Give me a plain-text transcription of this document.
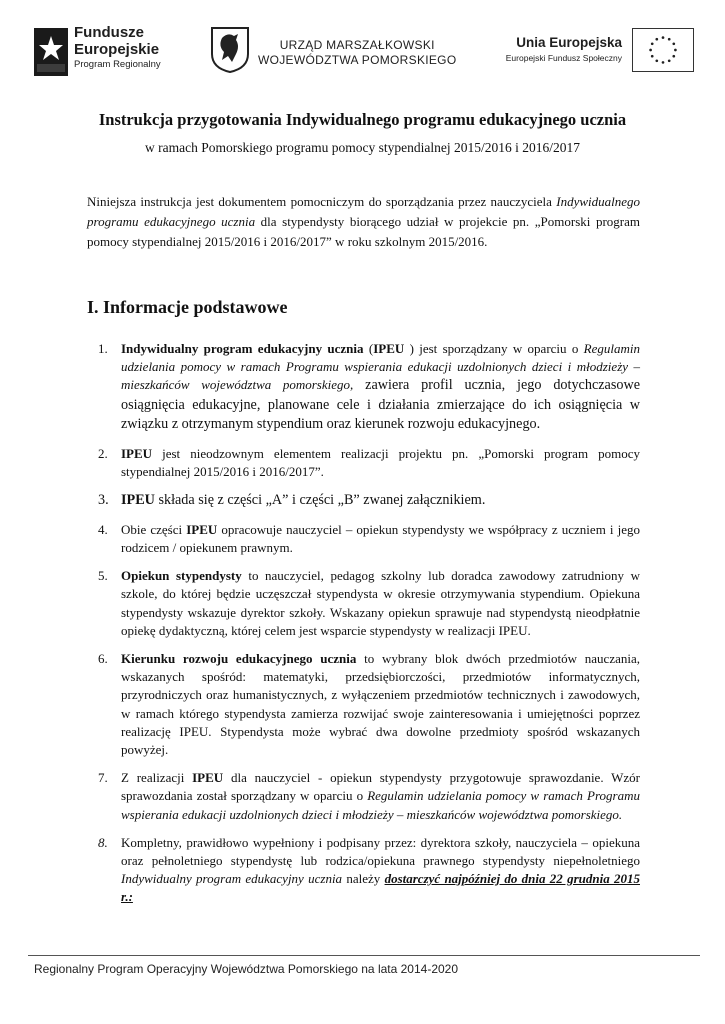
Fundusze
Europejskie
Program Regionalny
URZĄD MARSZAŁKOWSKI
WOJEWÓDZTWA POMORSKIEGO
Unia Europejska
Europejski Fundusz Społeczny
Instrukcja przygotowania Indywidualnego programu edukacyjnego ucznia
w ramach Pomorskiego programu pomocy stypendialnej 2015/2016 i 2016/2017
Niniejsza instrukcja jest dokumentem pomocniczym do sporządzania przez nauczyciela Indywidualnego programu edukacyjnego ucznia dla stypendysty biorącego udział w projekcie pn. „Pomorski program pomocy stypendialnej 2015/2016 i 2016/2017” w roku szkolnym 2015/2016.
I. Informacje podstawowe
1. Indywidualny program edukacyjny ucznia (IPEU ) jest sporządzany w oparciu o Regulamin udzielania pomocy w ramach Programu wspierania edukacji uzdolnionych dzieci i młodzieży – mieszkańców województwa pomorskiego, zawiera profil ucznia, jego dotychczasowe osiągnięcia edukacyjne, planowane cele i działania zmierzające do ich osiągnięcia w związku z otrzymanym stypendium oraz kierunek rozwoju edukacyjnego.
2. IPEU jest nieodzownym elementem realizacji projektu pn. „Pomorski program pomocy stypendialnej 2015/2016 i 2016/2017”.
3. IPEU składa się z części „A” i części „B” zwanej załącznikiem.
4. Obie części IPEU opracowuje nauczyciel – opiekun stypendysty we współpracy z uczniem i jego rodzicem / opiekunem prawnym.
5. Opiekun stypendysty to nauczyciel, pedagog szkolny lub doradca zawodowy zatrudniony w szkole, do której będzie uczęszczał stypendysta w okresie otrzymywania stypendium. Opiekuna stypendysty wskazuje dyrektor szkoły. Wskazany opiekun sprawuje nad stypendystą nieodpłatnie opiekę dydaktyczną, której celem jest wsparcie stypendysty w realizacji IPEU.
6. Kierunku rozwoju edukacyjnego ucznia to wybrany blok dwóch przedmiotów nauczania, wskazanych spośród: matematyki, przedsiębiorczości, przedmiotów informatycznych, przyrodniczych oraz humanistycznych, z wyłączeniem przedmiotów technicznych i zawodowych, w ramach którego stypendysta zamierza rozwijać swoje zainteresowania i umiejętności poprzez realizację IPEU. Stypendysta może wybrać dwa dowolne przedmioty spośród wskazanych powyżej.
7. Z realizacji IPEU dla nauczyciel - opiekun stypendysty przygotowuje sprawozdanie. Wzór sprawozdania został sporządzany w oparciu o Regulamin udzielania pomocy w ramach Programu wspierania edukacji uzdolnionych dzieci i młodzieży – mieszkańców województwa pomorskiego.
8. Kompletny, prawidłowo wypełniony i podpisany przez: dyrektora szkoły, nauczyciela – opiekuna oraz pełnoletniego stypendystę lub rodzica/opiekuna prawnego stypendysty niepełnoletniego Indywidualny program edukacyjny ucznia należy dostarczyć najpóźniej do dnia 22 grudnia 2015 r.:
Regionalny Program Operacyjny Województwa Pomorskiego na lata 2014-2020
